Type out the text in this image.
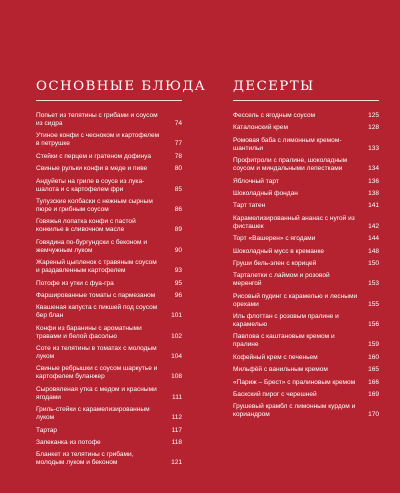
ОСНОВНЫЕ БЛЮДА
Попьет из телятины с грибами и соусом из сидра	74
Утиное конфи с чесноком и картофелем в петрушке	77
Стейки с перцем и гратеном дофинуа	78
Свиные рульки конфи в меде и пиве	80
Андуйеты на гриле в соусе из лука-шалота и с картофелем фри	85
Тулузские колбаски с нежным сырным пюре и грибным соусом	86
Говяжья лопатка конфи с пастой конкилье в сливочном масле	89
Говядина по-бургундски с беконом и жемчужным луком	90
Жареный цыпленок с травяным соусом и раздавленным картофелем	93
Потофе из утки с фуа-гра	95
Фаршированные томаты с пармезаном	96
Квашеная капуста с пикшей под соусом бер блан	101
Конфи из баранины с ароматными травами и белой фасолью	102
Соте из телятины в томатах с молодым луком	104
Свиные ребрышки с соусом шаркутье и картофелем буланжер	108
Сыровяленая утка с медом и красными ягодами	111
Гриль-стейки с карамелизированным луком	112
Тартар	117
Запеканка из потофе	118
Бланкет из телятины с грибами, молодым луком и беконом	121
ДЕСЕРТЫ
Фессель с ягодным соусом	125
Каталонский крем	128
Ромовая баба с лимонным кремом-шантильи	133
Профитроли с пралине, шоколадным соусом и миндальными лепестками	134
Яблочный тарт	136
Шоколадный фондан	138
Тарт татен	141
Карамелизированный ананас с нугой из фисташек	142
Торт «Вашерен» с ягодами	144
Шоколадный мусс в креманке	148
Груши бель-элен с корицей	150
Тарталетки с лаймом и розовой меренгой	153
Рисовый пудинг с карамелью и лесными орехами	155
Иль флоттан с розовым пралине и карамелью	156
Павлова с каштановым кремом и пралине	159
Кофейный крем с печеньем	160
Мильфёй с ванильным кремом	165
«Париж – Брест» с пралиновым кремом	166
Баскский пирог с черешней	169
Грушевый крамбл с лимонным курдом и кориандром	170
